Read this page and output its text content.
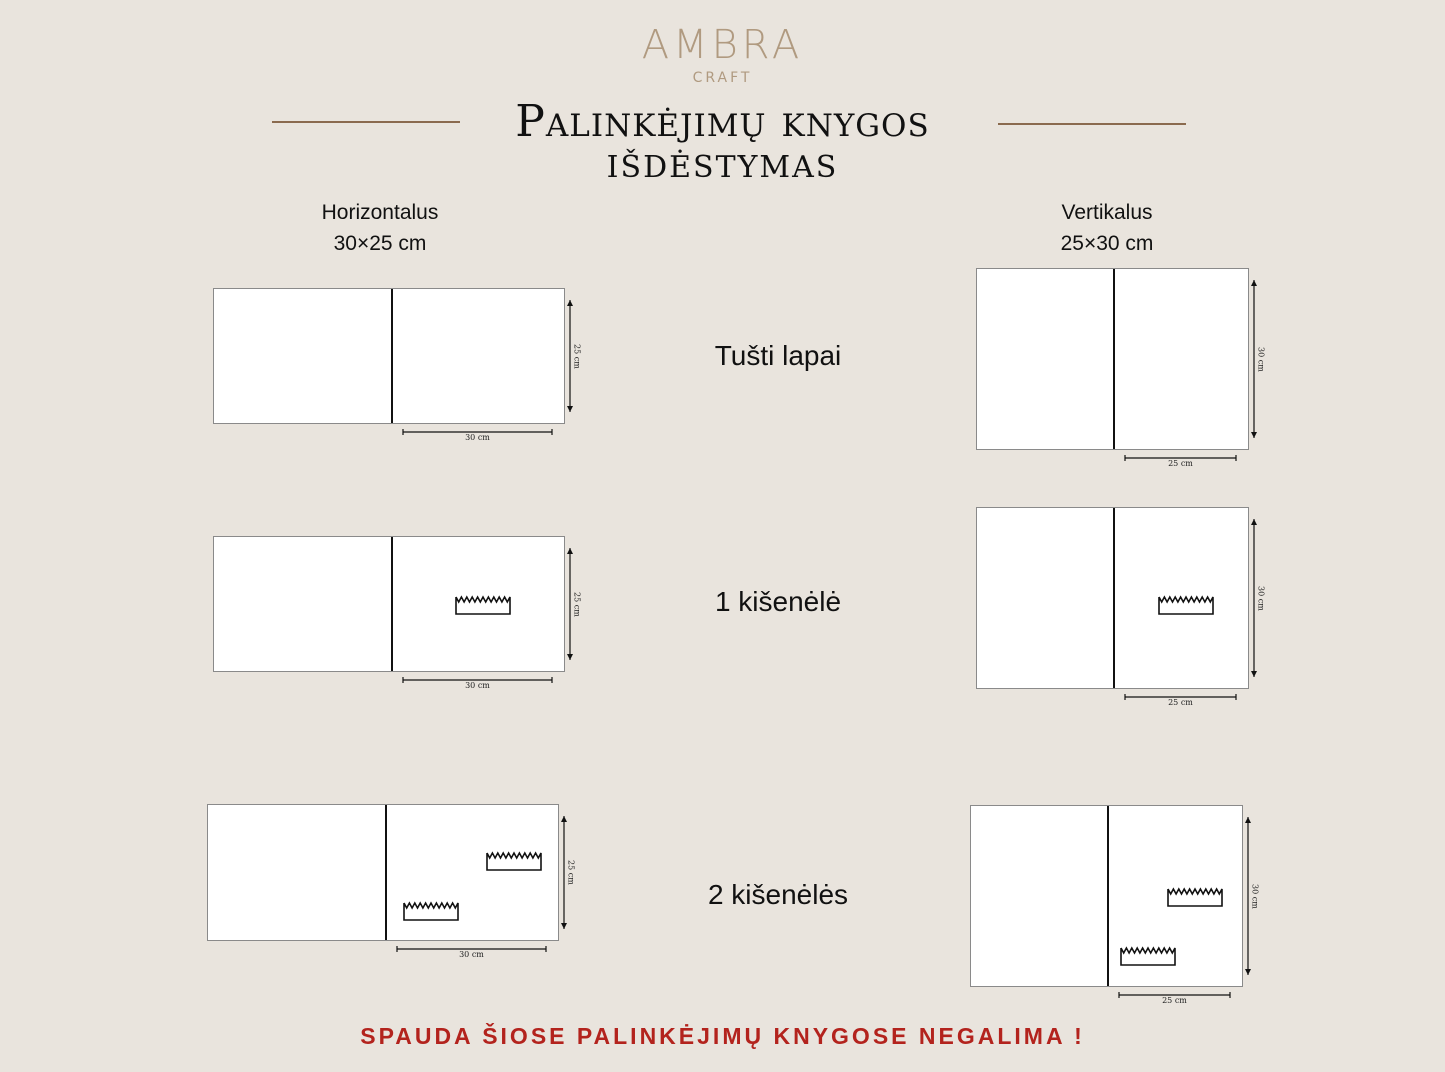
AMBRA
CRAFT
Palinkėjimų knygos
IŠDĖSTYMAS
Horizontalus
30×25 cm
Vertikalus
25×30 cm
Tušti lapai
1 kišenėlė
2 kišenėlės
SPAUDA ŠIOSE PALINKĖJIMŲ KNYGOSE NEGALIMA !
30 cm
25 cm
25 cm
30 cm
30 cm
25 cm
25 cm
30 cm
30 cm
25 cm
25 cm
30 cm
